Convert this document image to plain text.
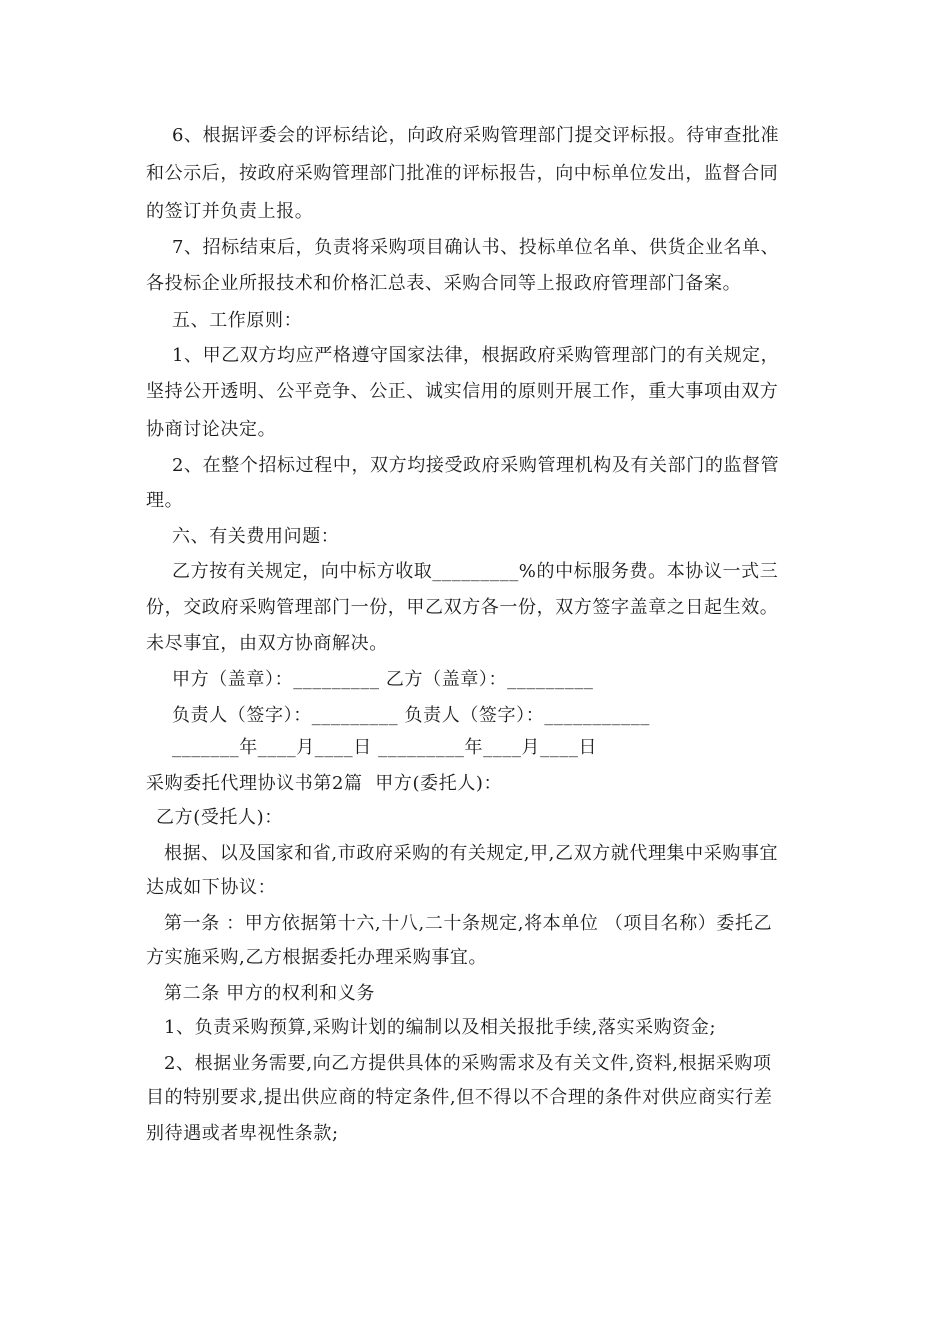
6、根据评委会的评标结论，向政府采购管理部门提交评标报。待审查批准
和公示后，按政府采购管理部门批准的评标报告，向中标单位发出，监督合同
的签订并负责上报。
7、招标结束后，负责将采购项目确认书、投标单位名单、供货企业名单、
各投标企业所报技术和价格汇总表、采购合同等上报政府管理部门备案。
五、工作原则：
1、甲乙双方均应严格遵守国家法律，根据政府采购管理部门的有关规定，
坚持公开透明、公平竞争、公正、诚实信用的原则开展工作，重大事项由双方
协商讨论决定。
2、在整个招标过程中，双方均接受政府采购管理机构及有关部门的监督管
理。
六、有关费用问题：
乙方按有关规定，向中标方收取_________%的中标服务费。本协议一式三
份，交政府采购管理部门一份，甲乙双方各一份，双方签字盖章之日起生效。
未尽事宜，由双方协商解决。
甲方（盖章）：_________ 乙方（盖章）：_________
负责人（签字）：_________ 负责人（签字）：___________
_______年____月____日 _________年____月____日
采购委托代理协议书第2篇  甲方(委托人)：
乙方(受托人)：
根据、以及国家和省,市政府采购的有关规定,甲,乙双方就代理集中采购事宜
达成如下协议：
第一条 ：甲方依据第十六,十八,二十条规定,将本单位 （项目名称）委托乙
方实施采购,乙方根据委托办理采购事宜。
第二条 甲方的权利和义务
1、负责采购预算,采购计划的编制以及相关报批手续,落实采购资金;
2、根据业务需要,向乙方提供具体的采购需求及有关文件,资料,根据采购项
目的特别要求,提出供应商的特定条件,但不得以不合理的条件对供应商实行差
别待遇或者卑视性条款;
